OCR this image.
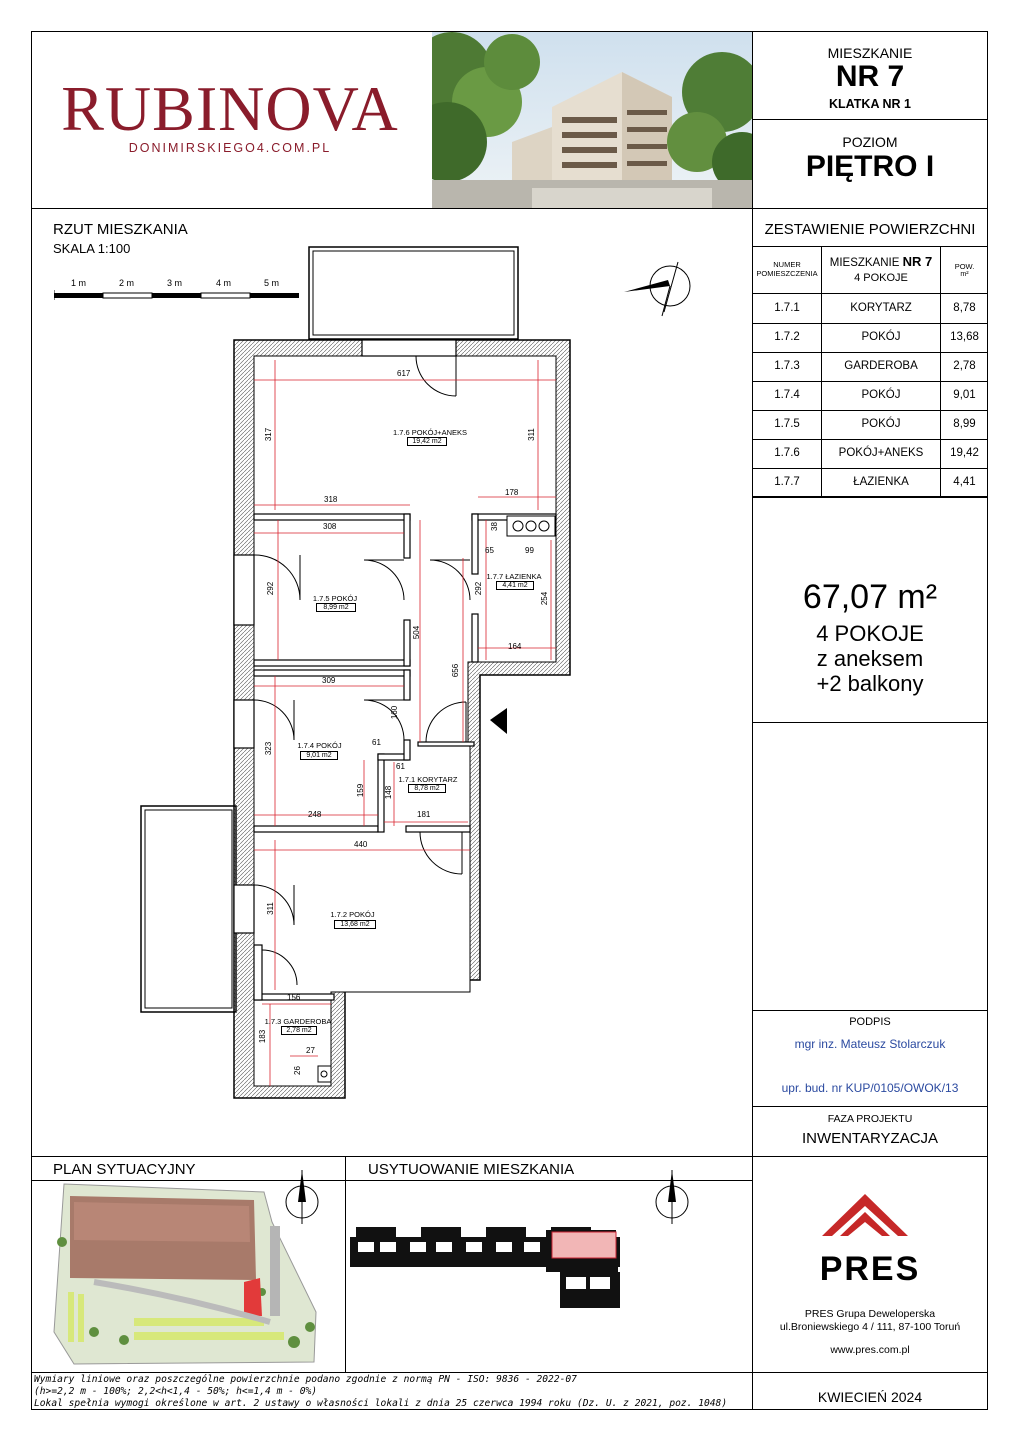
RUBINOVA
DONIMIRSKIEGO4.COM.PL
MIESZKANIE
NR 7
KLATKA NR 1
POZIOM
PIĘTRO I
RZUT MIESZKANIA
SKALA 1:100
1 m	2 m	3 m	4 m	5 m
1.7.6 POKÓJ+ANEKS
19,42 m2
1.7.5 POKÓJ
8,99 m2
1.7.7 ŁAZIENKA
4,41 m2
1.7.4 POKÓJ
9,01 m2
1.7.1 KORYTARZ
8,78 m2
1.7.2 POKÓJ
13,68 m2
1.7.3 GARDEROBA
2,78 m2
617
317	311
318
178
38
308
65	99
292	292
254
504
164
656
309
160
61
323
61
159 148
248	181
440
311
156
183
27
26
ZESTAWIENIE POWIERZCHNI
NUMER POMIESZCZENIA
MIESZKANIE NR 7
4 POKOJE
POW.
m²
1.7.1	KORYTARZ	8,78
1.7.2	POKÓJ	13,68
1.7.3	GARDEROBA	2,78
1.7.4	POKÓJ	9,01
1.7.5	POKÓJ	8,99
1.7.6	POKÓJ+ANEKS	19,42
1.7.7	ŁAZIENKA	4,41
67,07 m²
4 POKOJE
z aneksem
+2 balkony
PODPIS
mgr inz. Mateusz Stolarczuk
upr. bud. nr KUP/0105/OWOK/13
FAZA PROJEKTU
INWENTARYZACJA
PLAN SYTUACYJNY	USYTUOWANIE MIESZKANIA
PRES
PRES Grupa Deweloperska
ul.Broniewskiego 4 / 111, 87-100 Toruń
www.pres.com.pl
Wymiary liniowe oraz poszczególne powierzchnie podano zgodnie z normą PN - ISO: 9836 - 2022-07
(h>=2,2 m - 100%; 2,2<h<1,4 - 50%; h<=1,4 m - 0%)
Lokal spełnia wymogi określone w art. 2 ustawy o własności lokali z dnia 25 czerwca 1994 roku (Dz. U. z 2021, poz. 1048)	KWIECIEŃ 2024
